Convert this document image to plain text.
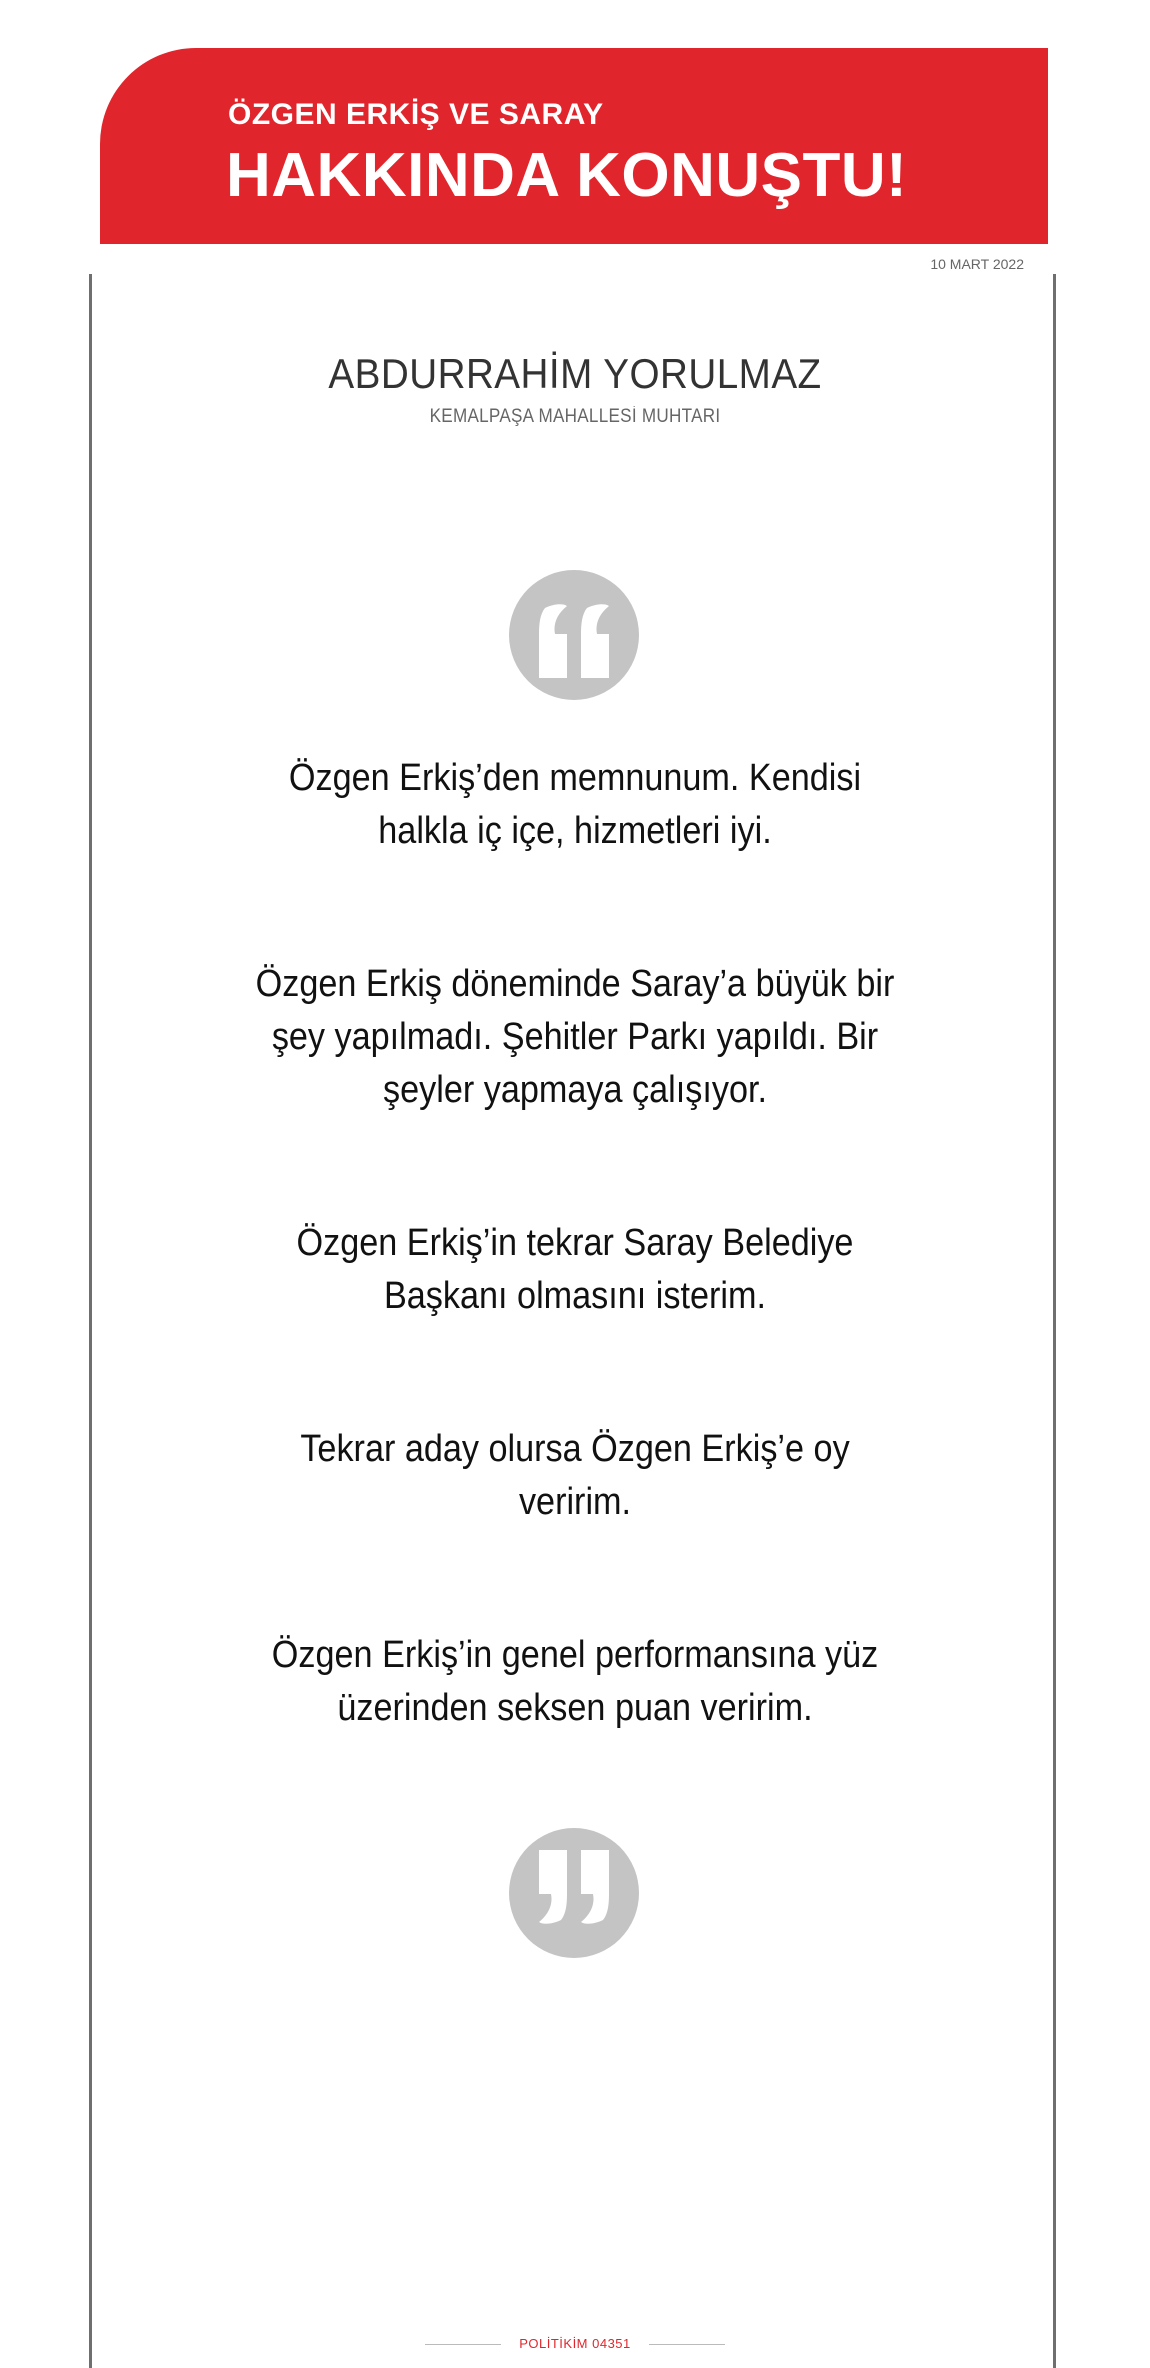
ÖZGEN ERKİŞ VE SARAY
HAKKINDA KONUŞTU!
10 MART 2022
ABDURRAHİM YORULMAZ
KEMALPAŞA MAHALLESİ MUHTARI

Özgen Erkiş’den memnunum. Kendisi halkla iç içe, hizmetleri iyi.

Özgen Erkiş döneminde Saray’a büyük bir şey yapılmadı. Şehitler Parkı yapıldı. Bir şeyler yapmaya çalışıyor.

Özgen Erkiş’in tekrar Saray Belediye Başkanı olmasını isterim.

Tekrar aday olursa Özgen Erkiş’e oy veririm.

Özgen Erkiş’in genel performansına yüz üzerinden seksen puan veririm.

POLİTİKİM 04351
